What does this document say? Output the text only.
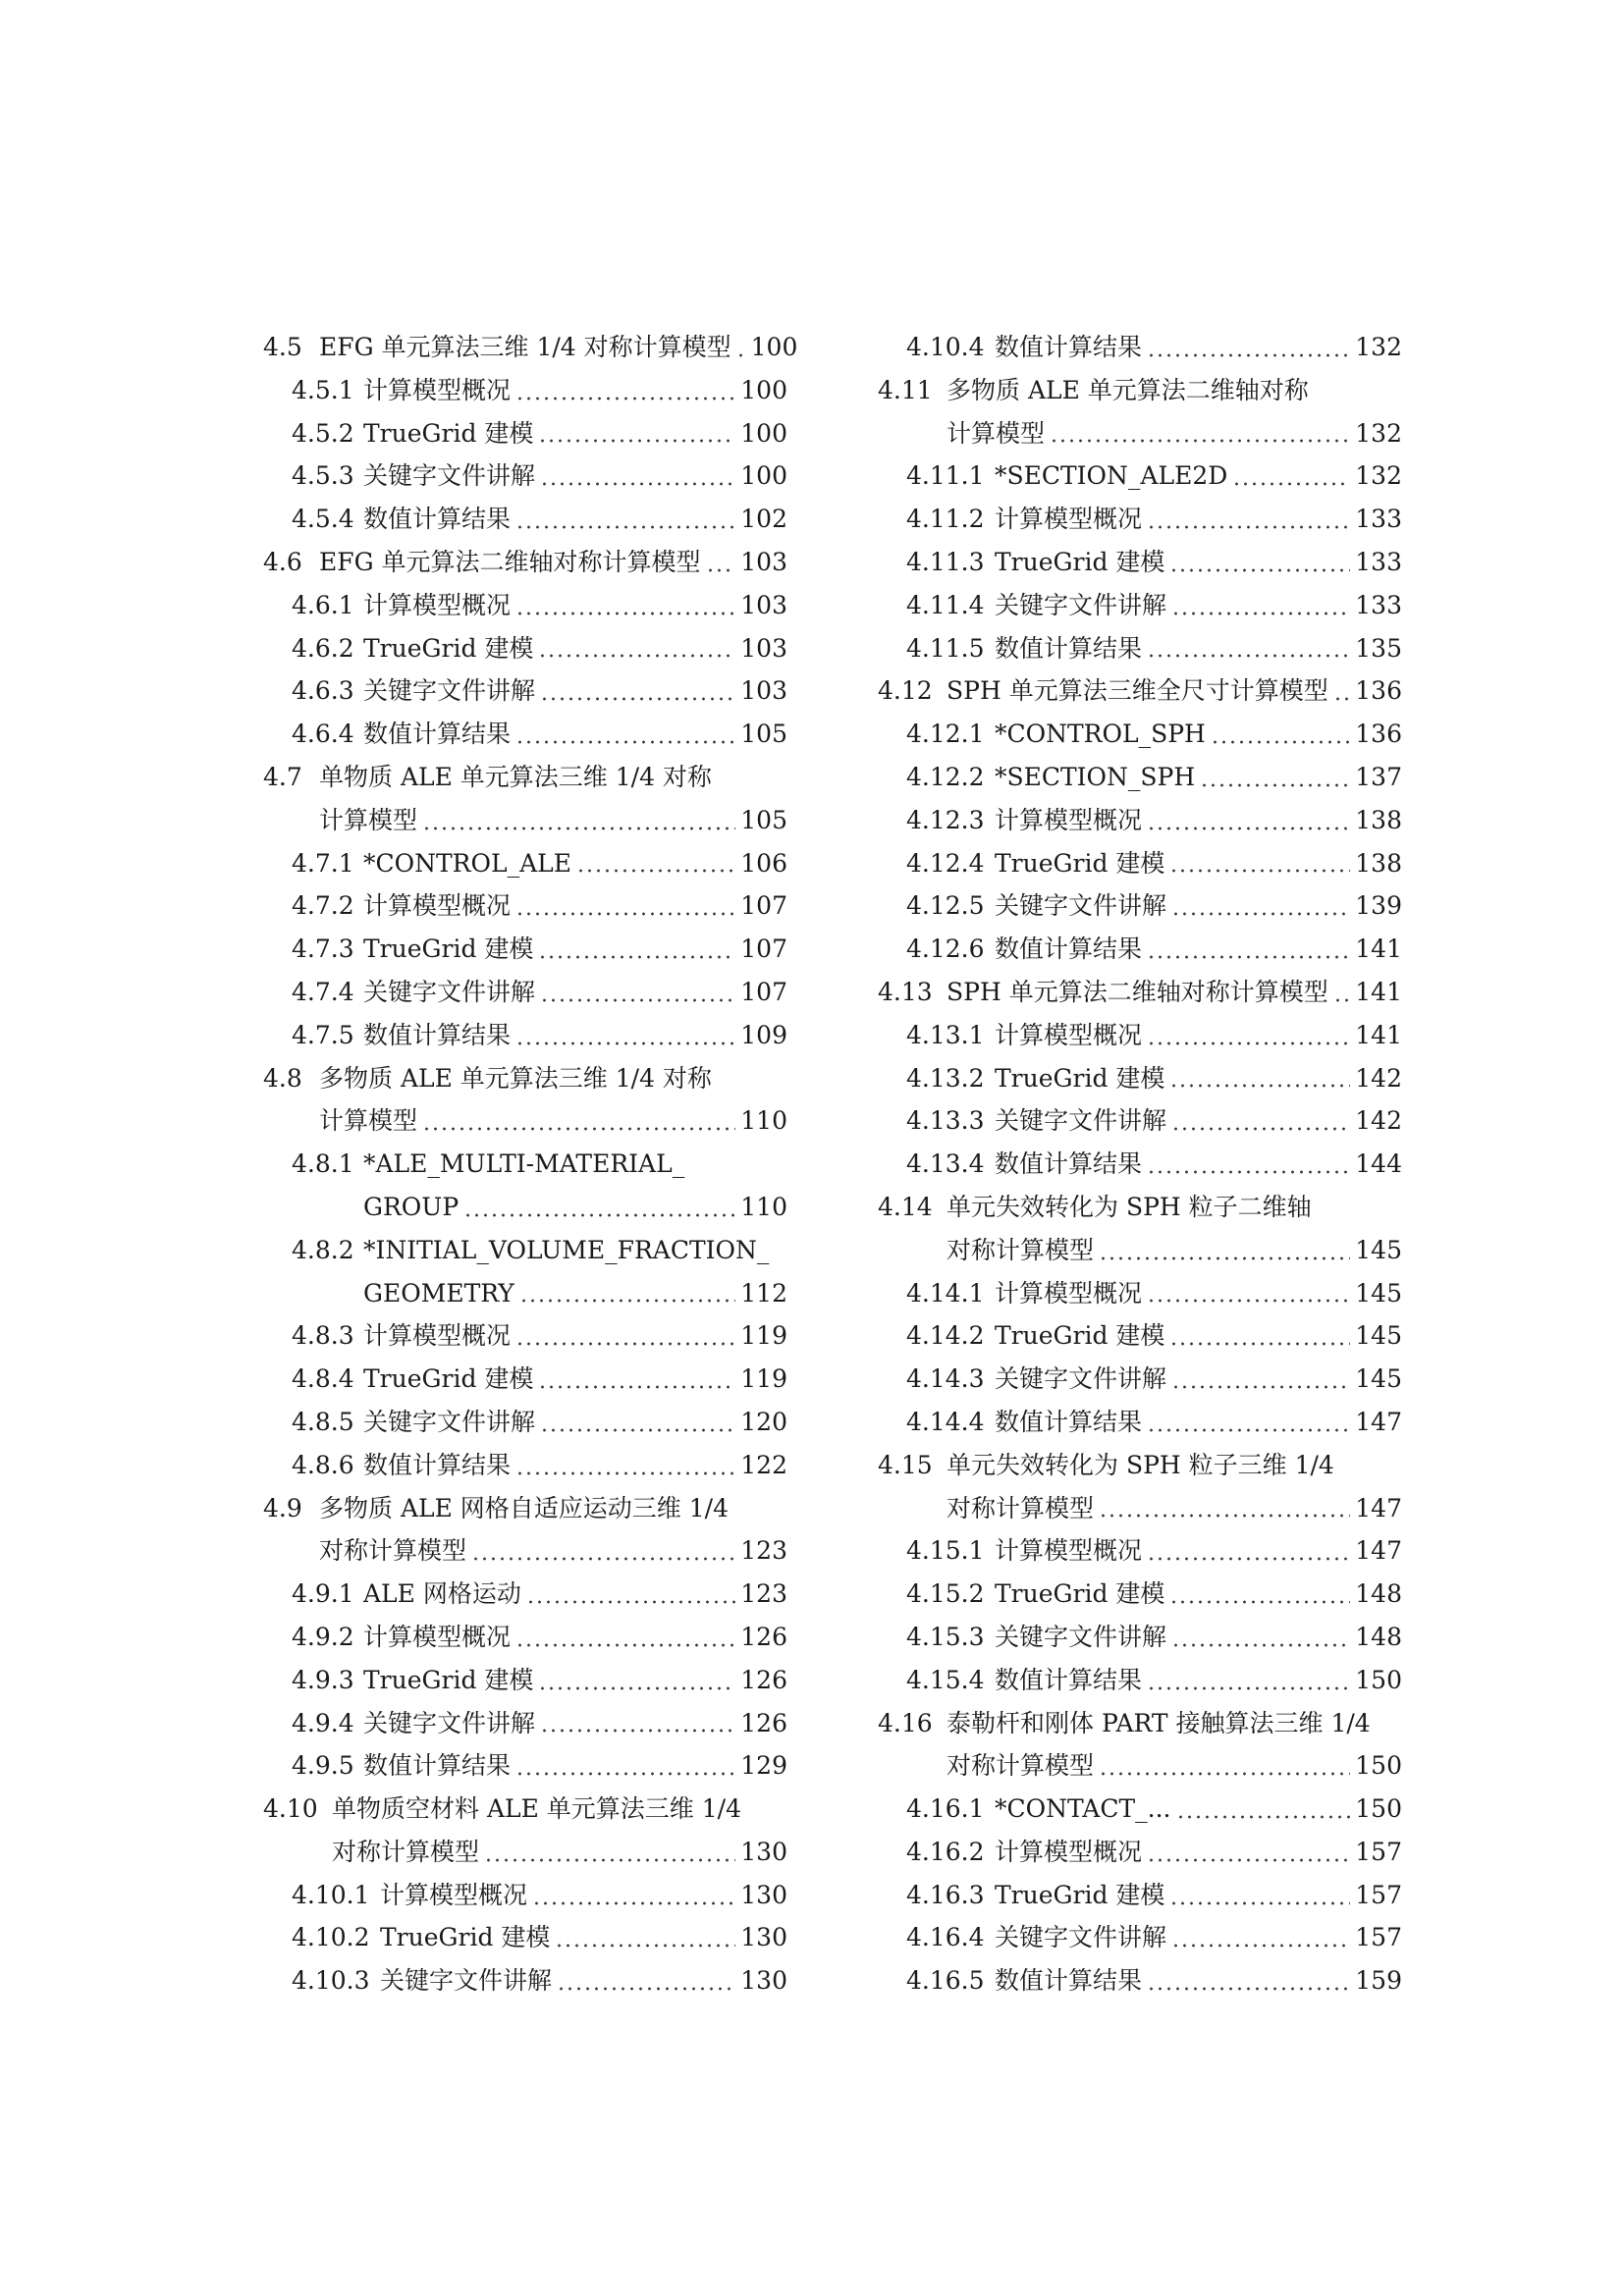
4.5 EFG 单元算法三维 1/4 对称计算模型 100
4.5.1 计算模型概况	100
4.5.2 TrueGrid 建模	100
4.5.3 关键字文件讲解	100
4.5.4 数值计算结果	102
4.6 EFG 单元算法二维轴对称计算模型 103
4.6.1 计算模型概况	103
4.6.2 TrueGrid 建模	103
4.6.3 关键字文件讲解	103
4.6.4 数值计算结果	105
4.7 单物质 ALE 单元算法三维 1/4 对称
计算模型	105
4.7.1 *CONTROL_ALE	106
4.7.2 计算模型概况	107
4.7.3 TrueGrid 建模	107
4.7.4 关键字文件讲解	107
4.7.5 数值计算结果	109
4.8 多物质 ALE 单元算法三维 1/4 对称
计算模型	110
4.8.1 *ALE_MULTI-MATERIAL_
GROUP	110
4.8.2 *INITIAL_VOLUME_FRACTION_
GEOMETRY	112
4.8.3 计算模型概况	119
4.8.4 TrueGrid 建模	119
4.8.5 关键字文件讲解	120
4.8.6 数值计算结果	122
4.9 多物质 ALE 网格自适应运动三维 1/4
对称计算模型	123
4.9.1 ALE 网格运动	123
4.9.2 计算模型概况	126
4.9.3 TrueGrid 建模	126
4.9.4 关键字文件讲解	126
4.9.5 数值计算结果	129
4.10 单物质空材料 ALE 单元算法三维 1/4
对称计算模型	130
4.10.1 计算模型概况	130
4.10.2 TrueGrid 建模	130
4.10.3 关键字文件讲解	130
4.10.4 数值计算结果	132
4.11 多物质 ALE 单元算法二维轴对称
计算模型	132
4.11.1 *SECTION_ALE2D	132
4.11.2 计算模型概况	133
4.11.3 TrueGrid 建模	133
4.11.4 关键字文件讲解	133
4.11.5 数值计算结果	135
4.12 SPH 单元算法三维全尺寸计算模型 136
4.12.1 *CONTROL_SPH	136
4.12.2 *SECTION_SPH	137
4.12.3 计算模型概况	138
4.12.4 TrueGrid 建模	138
4.12.5 关键字文件讲解	139
4.12.6 数值计算结果	141
4.13 SPH 单元算法二维轴对称计算模型 141
4.13.1 计算模型概况	141
4.13.2 TrueGrid 建模	142
4.13.3 关键字文件讲解	142
4.13.4 数值计算结果	144
4.14 单元失效转化为 SPH 粒子二维轴
对称计算模型	145
4.14.1 计算模型概况	145
4.14.2 TrueGrid 建模	145
4.14.3 关键字文件讲解	145
4.14.4 数值计算结果	147
4.15 单元失效转化为 SPH 粒子三维 1/4
对称计算模型	147
4.15.1 计算模型概况	147
4.15.2 TrueGrid 建模	148
4.15.3 关键字文件讲解	148
4.15.4 数值计算结果	150
4.16 泰勒杆和刚体 PART 接触算法三维 1/4
对称计算模型	150
4.16.1 *CONTACT_...	150
4.16.2 计算模型概况	157
4.16.3 TrueGrid 建模	157
4.16.4 关键字文件讲解	157
4.16.5 数值计算结果	159
